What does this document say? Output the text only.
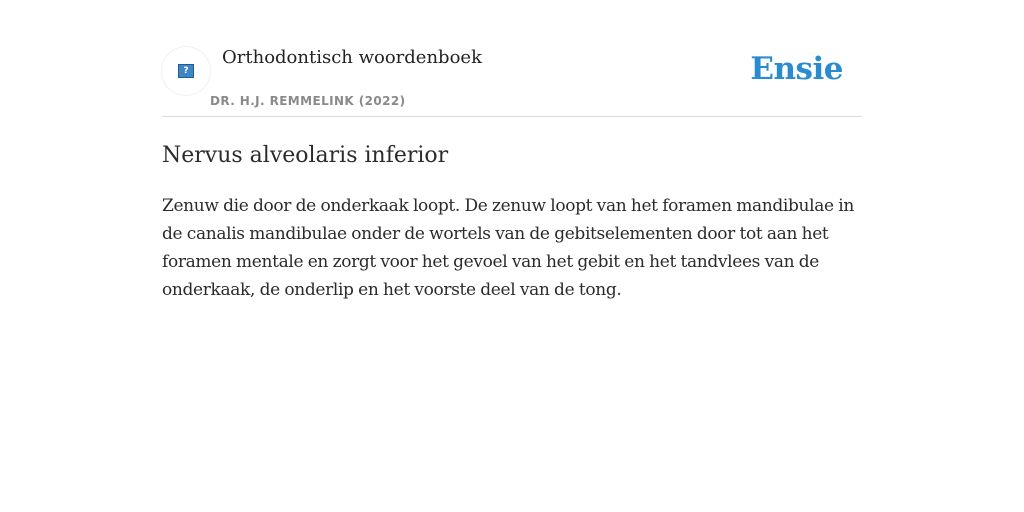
?
Orthodontisch woordenboek
DR. H.J. REMMELINK (2022)
Ensie
Nervus alveolaris inferior

Zenuw die door de onderkaak loopt. De zenuw loopt van het foramen mandibulae in de canalis mandibulae onder de wortels van de gebitselementen door tot aan het foramen mentale en zorgt voor het gevoel van het gebit en het tandvlees van de onderkaak, de onderlip en het voorste deel van de tong.
